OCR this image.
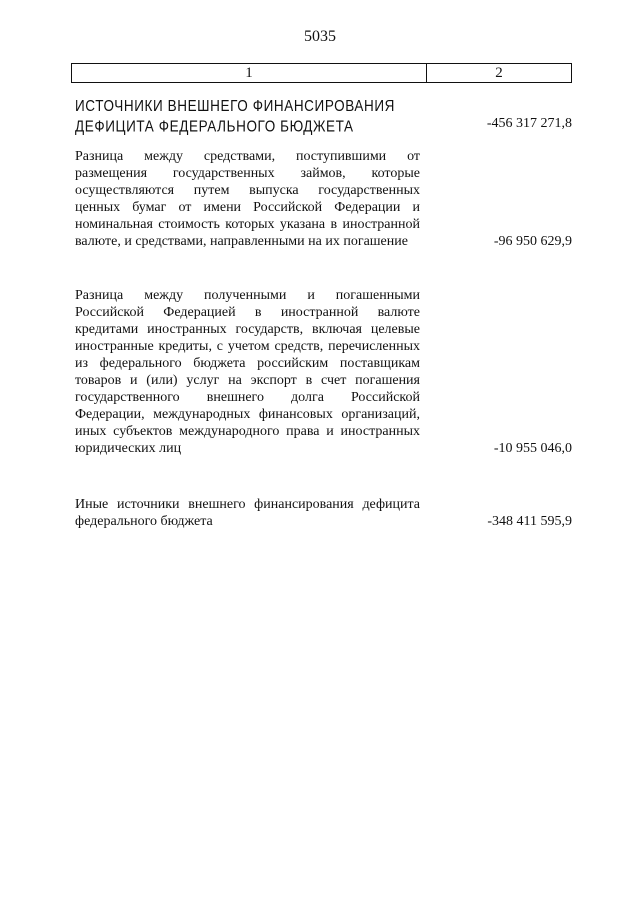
5035
1	2
ИСТОЧНИКИ ВНЕШНЕГО ФИНАНСИРОВАНИЯ ДЕФИЦИТА ФЕДЕРАЛЬНОГО БЮДЖЕТА	-456 317 271,8
Разница между средствами, поступившими от размещения государственных займов, которые осуществляются путем выпуска государственных ценных бумаг от имени Российской Федерации и номинальная стоимость которых указана в иностранной валюте, и средствами, направленными на их погашение	-96 950 629,9
Разница между полученными и погашенными Российской Федерацией в иностранной валюте кредитами иностранных государств, включая целевые иностранные кредиты, с учетом средств, перечисленных из федерального бюджета российским поставщикам товаров и (или) услуг на экспорт в счет погашения государственного внешнего долга Российской Федерации, международных финансовых организаций, иных субъектов международного права и иностранных юридических лиц	-10 955 046,0
Иные источники внешнего финансирования дефицита федерального бюджета	-348 411 595,9
